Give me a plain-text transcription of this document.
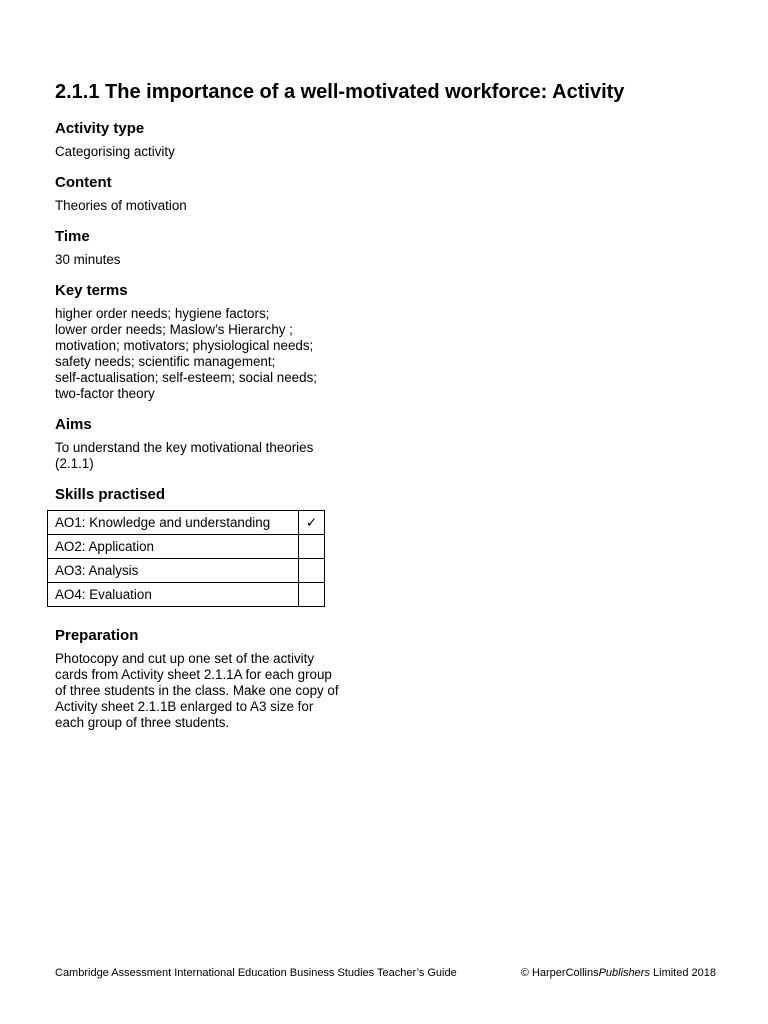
2.1.1 The importance of a well-motivated workforce: Activity
Activity type

Categorising activity

Content

Theories of motivation

Time

30 minutes

Key terms
higher order needs; hygiene factors;
lower order needs; Maslow’s Hierarchy ;
motivation; motivators; physiological needs;
safety needs; scientific management;
self-actualisation; self-esteem; social needs;
two-factor theory
Aims
To understand the key motivational theories
(2.1.1)
Skills practised
AO1: Knowledge and understanding	✓
AO2: Application	
AO3: Analysis	
AO4: Evaluation	
Preparation
Photocopy and cut up one set of the activity
cards from Activity sheet 2.1.1A for each group
of three students in the class. Make one copy of
Activity sheet 2.1.1B enlarged to A3 size for
each group of three students.
Cambridge Assessment International Education Business Studies Teacher’s Guide	© HarperCollinsPublishers Limited 2018
